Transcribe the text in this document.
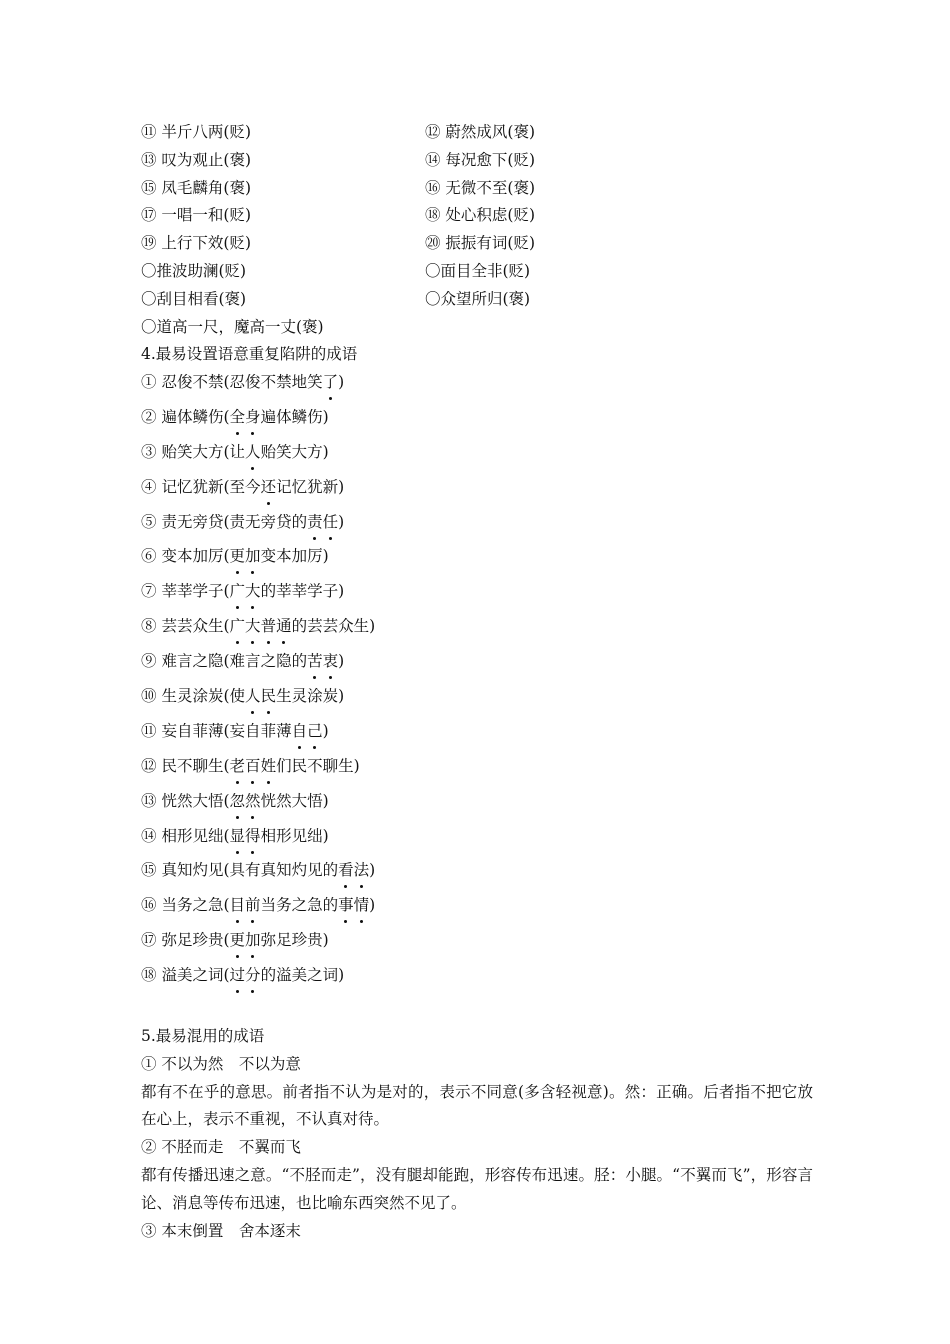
⑪ 半斤八两(贬)	⑫ 蔚然成风(褒)
⑬ 叹为观止(褒)	⑭ 每况愈下(贬)
⑮ 凤毛麟角(褒)	⑯ 无微不至(褒)
⑰ 一唱一和(贬)	⑱ 处心积虑(贬)
⑲ 上行下效(贬)	⑳ 振振有词(贬)
〇推波助澜(贬)	〇面目全非(贬)
〇刮目相看(褒)	〇众望所归(褒)
〇道高一尺，魔高一丈(褒)
4.最易设置语意重复陷阱的成语
① 忍俊不禁(忍俊不禁地笑了)
② 遍体鳞伤(全身遍体鳞伤)
③ 贻笑大方(让人贻笑大方)
④ 记忆犹新(至今还记忆犹新)
⑤ 责无旁贷(责无旁贷的责任)
⑥ 变本加厉(更加变本加厉)
⑦ 莘莘学子(广大的莘莘学子)
⑧ 芸芸众生(广大普通的芸芸众生)
⑨ 难言之隐(难言之隐的苦衷)
⑩ 生灵涂炭(使人民生灵涂炭)
⑪ 妄自菲薄(妄自菲薄自己)
⑫ 民不聊生(老百姓们民不聊生)
⑬ 恍然大悟(忽然恍然大悟)
⑭ 相形见绌(显得相形见绌)
⑮ 真知灼见(具有真知灼见的看法)
⑯ 当务之急(目前当务之急的事情)
⑰ 弥足珍贵(更加弥足珍贵)
⑱ 溢美之词(过分的溢美之词)
5.最易混用的成语
① 不以为然　不以为意
都有不在乎的意思。前者指不认为是对的，表示不同意(多含轻视意)。然：正确。后者指不把它放在心上，表示不重视，不认真对待。
② 不胫而走　不翼而飞
都有传播迅速之意。“不胫而走”，没有腿却能跑，形容传布迅速。胫：小腿。“不翼而飞”，形容言论、消息等传布迅速，也比喻东西突然不见了。
③ 本末倒置　舍本逐末
